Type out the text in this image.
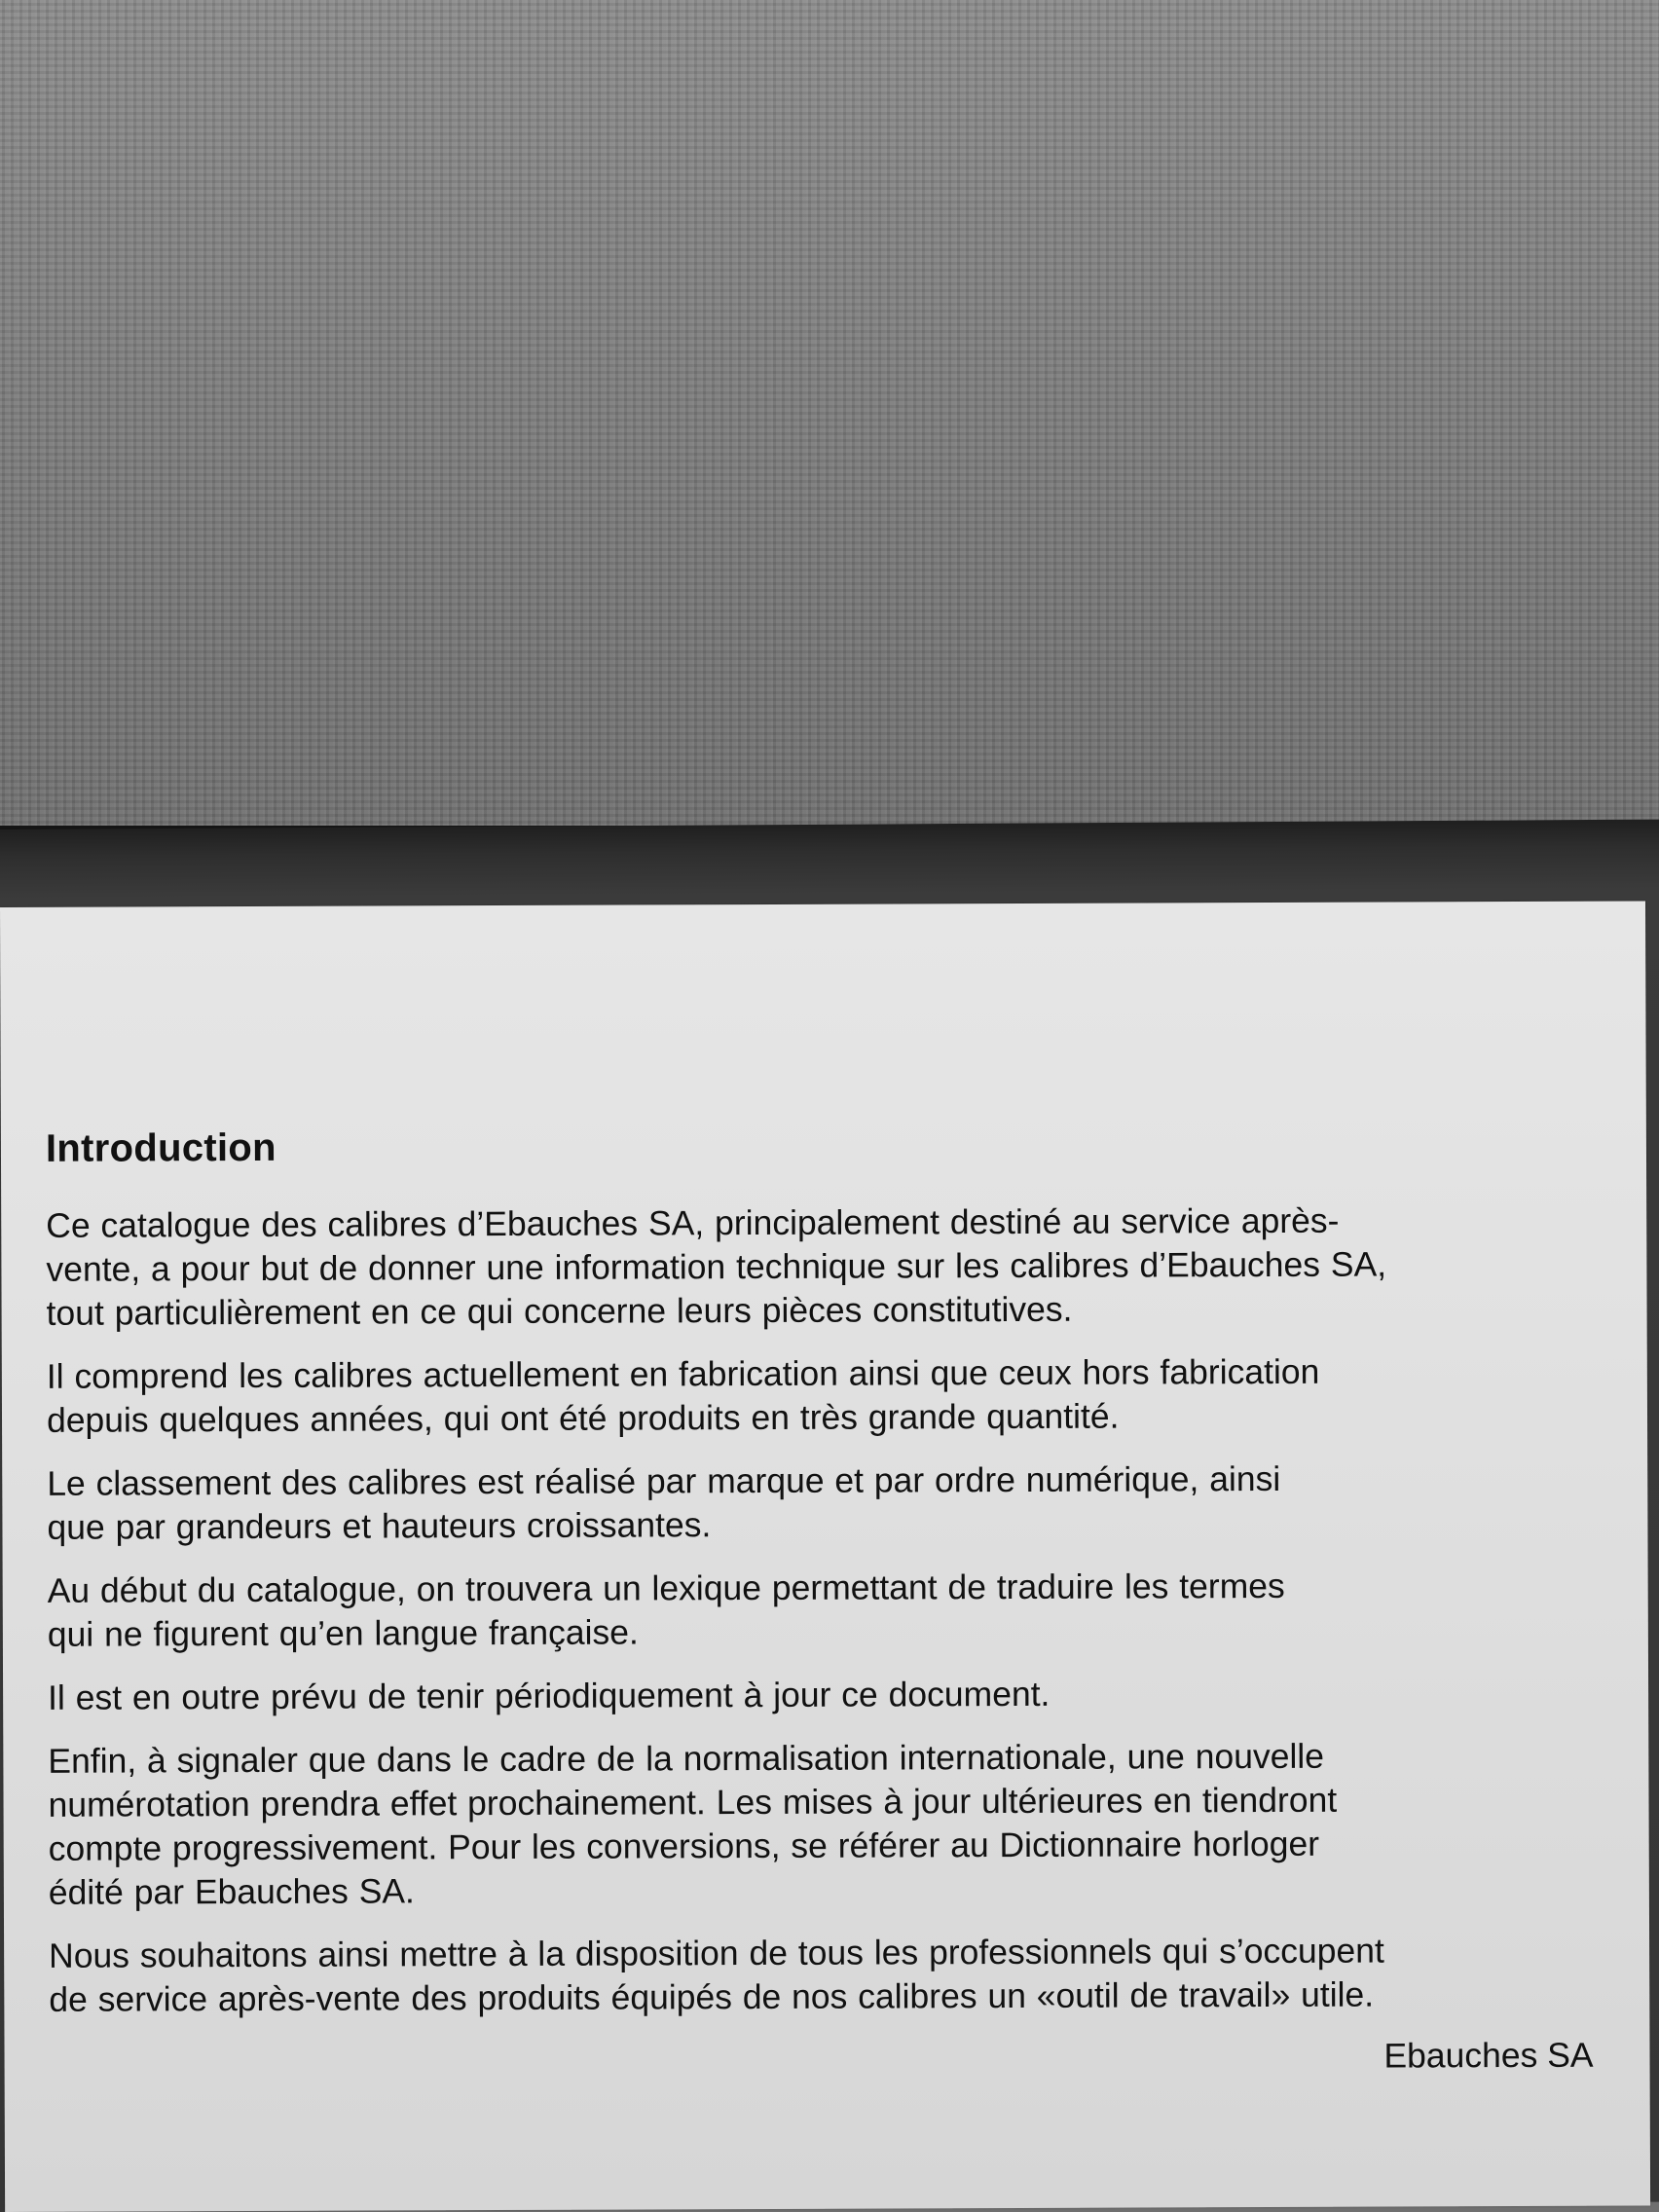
Introduction
Ce catalogue des calibres d’Ebauches SA, principalement destiné au service après-
vente, a pour but de donner une information technique sur les calibres d’Ebauches SA,
tout particulièrement en ce qui concerne leurs pièces constitutives.
Il comprend les calibres actuellement en fabrication ainsi que ceux hors fabrication
depuis quelques années, qui ont été produits en très grande quantité.
Le classement des calibres est réalisé par marque et par ordre numérique, ainsi
que par grandeurs et hauteurs croissantes.
Au début du catalogue, on trouvera un lexique permettant de traduire les termes
qui ne figurent qu’en langue française.
Il est en outre prévu de tenir périodiquement à jour ce document.
Enfin, à signaler que dans le cadre de la normalisation internationale, une nouvelle
numérotation prendra effet prochainement. Les mises à jour ultérieures en tiendront
compte progressivement. Pour les conversions, se référer au Dictionnaire horloger
édité par Ebauches SA.
Nous souhaitons ainsi mettre à la disposition de tous les professionnels qui s’occupent
de service après-vente des produits équipés de nos calibres un «outil de travail» utile.
Ebauches SA
